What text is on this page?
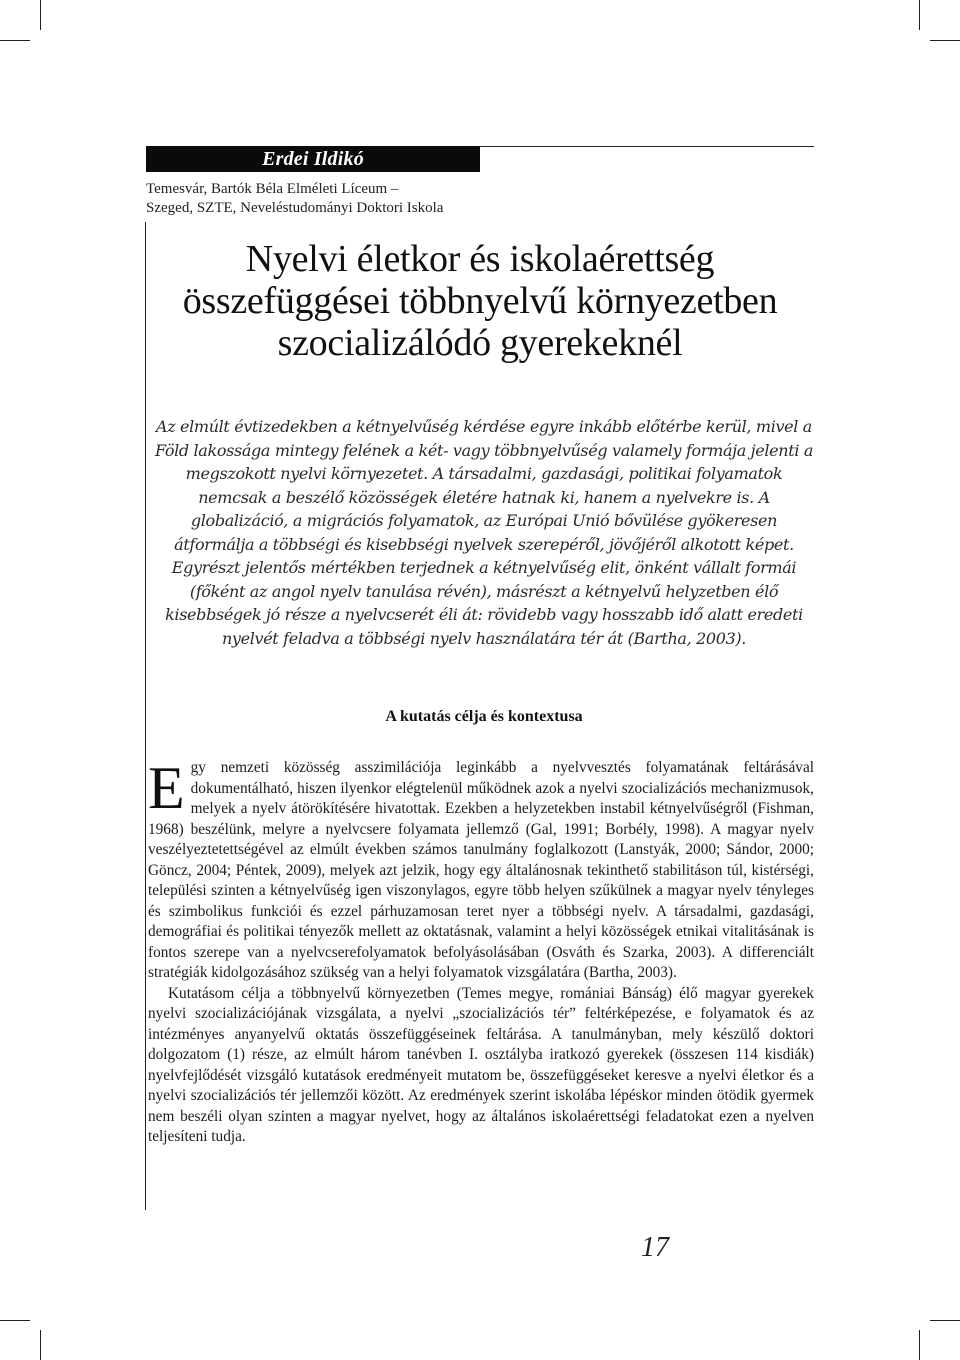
Erdei Ildikó
Temesvár, Bartók Béla Elméleti Líceum –
Szeged, SZTE, Neveléstudományi Doktori Iskola
Nyelvi életkor és iskolaérettség összefüggései többnyelvű környezetben szocializálódó gyerekeknél

Az elmúlt évtizedekben a kétnyelvűség kérdése egyre inkább előtérbe kerül, mivel a Föld lakossága mintegy felének a két- vagy többnyelvűség valamely formája jelenti a megszokott nyelvi környezetet. A társadalmi, gazdasági, politikai folyamatok nemcsak a beszélő közösségek életére hatnak ki, hanem a nyelvekre is. A globalizáció, a migrációs folyamatok, az Európai Unió bővülése gyökeresen átformálja a többségi és kisebbségi nyelvek szerepéről, jövőjéről alkotott képet. Egyrészt jelentős mértékben terjednek a kétnyelvűség elit, önként vállalt formái (főként az angol nyelv tanulása révén), másrészt a kétnyelvű helyzetben élő kisebbségek jó része a nyelvcserét éli át: rövidebb vagy hosszabb idő alatt eredeti nyelvét feladva a többségi nyelv használatára tér át (Bartha, 2003).

A kutatás célja és kontextusa

Egy nemzeti közösség asszimilációja leginkább a nyelvvesztés folyamatának feltárásával dokumentálható, hiszen ilyenkor elégtelenül működnek azok a nyelvi szocializációs mechanizmusok, melyek a nyelv átörökítésére hivatottak. Ezekben a helyzetekben instabil kétnyelvűségről (Fishman, 1968) beszélünk, melyre a nyelvcsere folyamata jellemző (Gal, 1991; Borbély, 1998). A magyar nyelv veszélyeztetettségével az elmúlt években számos tanulmány foglalkozott (Lanstyák, 2000; Sándor, 2000; Göncz, 2004; Péntek, 2009), melyek azt jelzik, hogy egy általánosnak tekinthető stabilitáson túl, kistérségi, települési szinten a kétnyelvűség igen viszonylagos, egyre több helyen szűkülnek a magyar nyelv tényleges és szimbolikus funkciói és ezzel párhuzamosan teret nyer a többségi nyelv. A társadalmi, gazdasági, demográfiai és politikai tényezők mellett az oktatásnak, valamint a helyi közösségek etnikai vitalitásának is fontos szerepe van a nyelvcserefolyamatok befolyásolásában (Osváth és Szarka, 2003). A differenciált stratégiák kidolgozásához szükség van a helyi folyamatok vizsgálatára (Bartha, 2003).

Kutatásom célja a többnyelvű környezetben (Temes megye, romániai Bánság) élő magyar gyerekek nyelvi szocializációjának vizsgálata, a nyelvi „szocializációs tér” feltérképezése, e folyamatok és az intézményes anyanyelvű oktatás összefüggéseinek feltárása. A tanulmányban, mely készülő doktori dolgozatom (1) része, az elmúlt három tanévben I. osztályba iratkozó gyerekek (összesen 114 kisdiák) nyelvfejlődését vizsgáló kutatások eredményeit mutatom be, összefüggéseket keresve a nyelvi életkor és a nyelvi szocializációs tér jellemzői között. Az eredmények szerint iskolába lépéskor minden ötödik gyermek nem beszéli olyan szinten a magyar nyelvet, hogy az általános iskolaérettségi feladatokat ezen a nyelven teljesíteni tudja.

17
